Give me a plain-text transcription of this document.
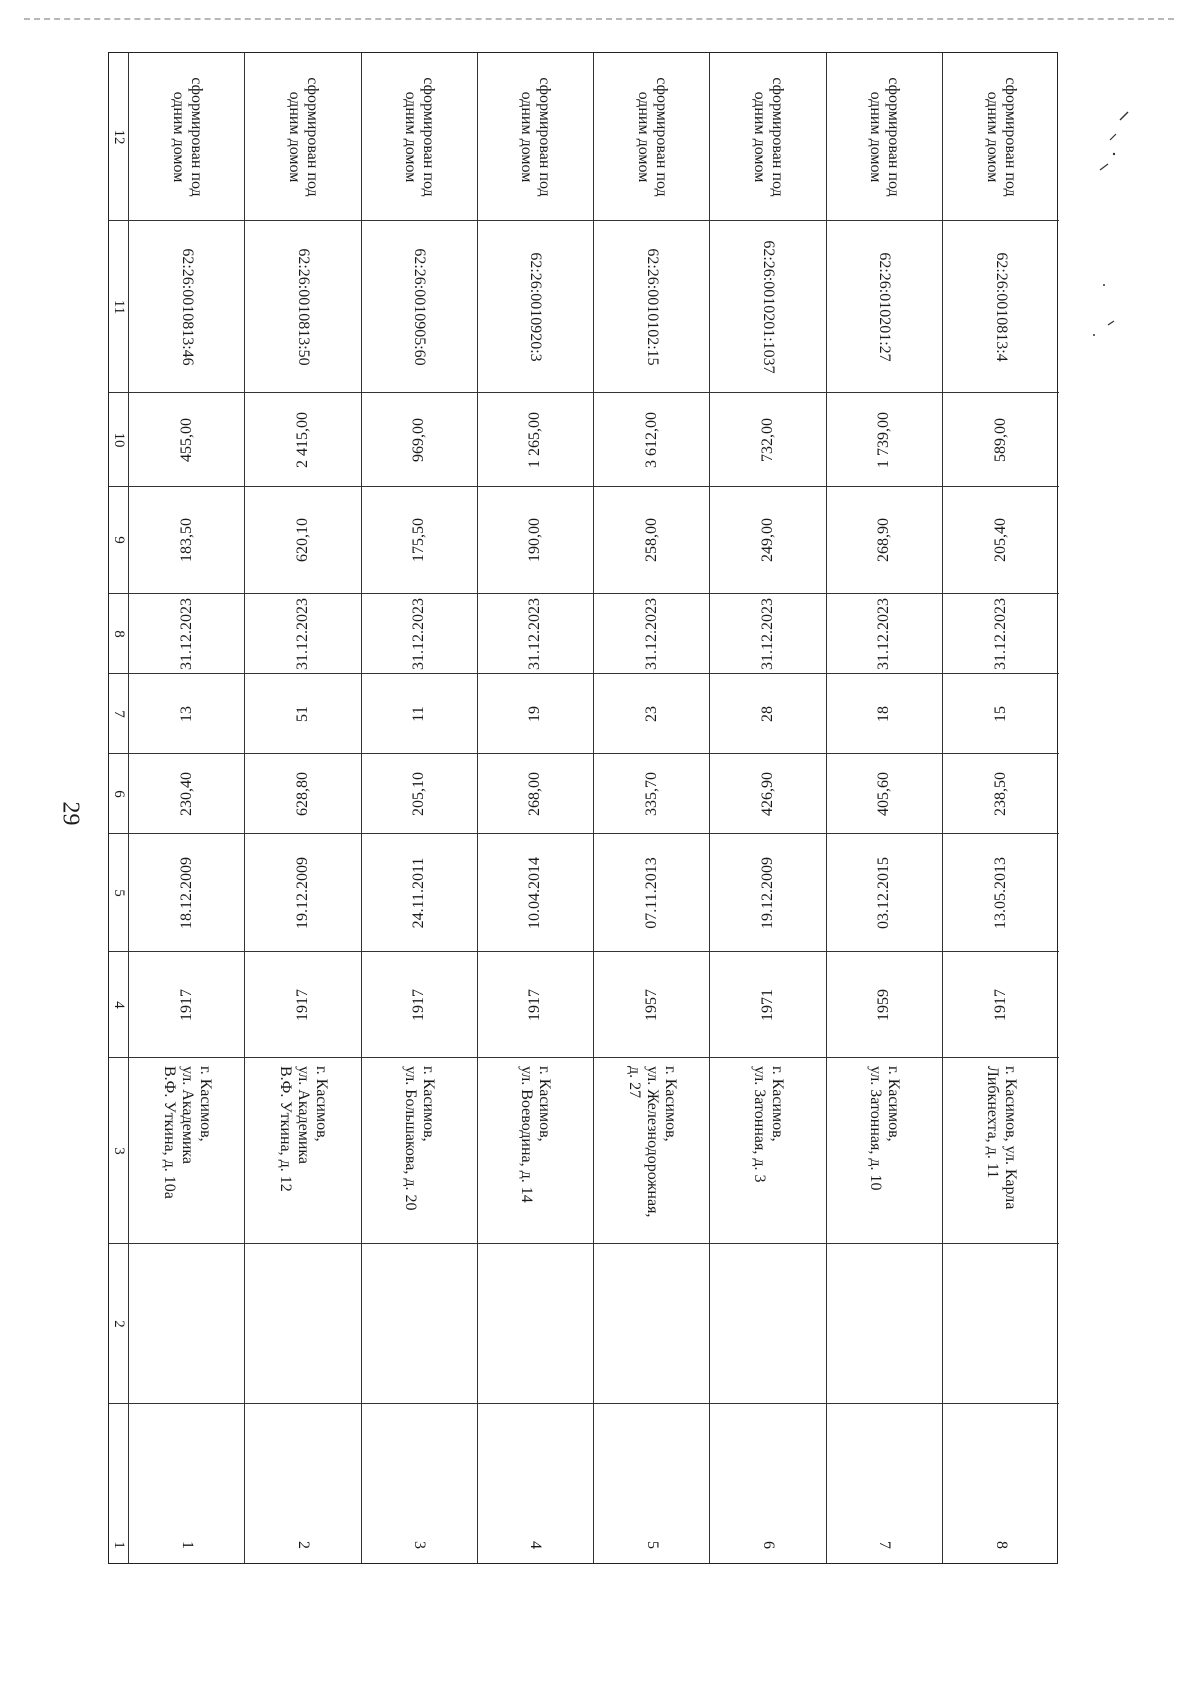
29
12
11
10
9
8
7
6
5
4
3
2
1
сформирован под одним домом
62:26:0010813:46
455,00
183,50
31.12.2023
13
230,40
18.12.2009
1917
г. Касимов,
ул. Академика
В.Ф. Уткина, д. 10а
1
сформирован под одним домом
62:26:0010813:50
2 415,00
620,10
31.12.2023
51
628,80
19.12.2009
1917
г. Касимов,
ул. Академика
В.Ф. Уткина, д. 12
2
сформирован под одним домом
62:26:0010905:60
969,00
175,50
31.12.2023
11
205,10
24.11.2011
1917
г. Касимов,
ул. Большакова, д. 20
3
сформирован под одним домом
62:26:0010920:3
1 265,00
190,00
31.12.2023
19
268,00
10.04.2014
1917
г. Касимов,
ул. Воеводина, д. 14
4
сформирован под одним домом
62:26:0010102:15
3 612,00
258,00
31.12.2023
23
335,70
07.11.2013
1957
г. Касимов,
ул. Железнодорожная,
д. 27
5
сформирован под одним домом
62:26:0010201:1037
732,00
249,00
31.12.2023
28
426,90
19.12.2009
1971
г. Касимов,
ул. Затонная, д. 3
6
сформирован под одним домом
62:26:010201:27
1 739,00
268,90
31.12.2023
18
405,60
03.12.2015
1959
г. Касимов,
ул. Затонная, д. 10
7
сформирован под одним домом
62:26:0010813:4
589,00
205,40
31.12.2023
15
238,50
13.05.2013
1917
г. Касимов, ул. Карла
Либкнехта, д. 11
8
